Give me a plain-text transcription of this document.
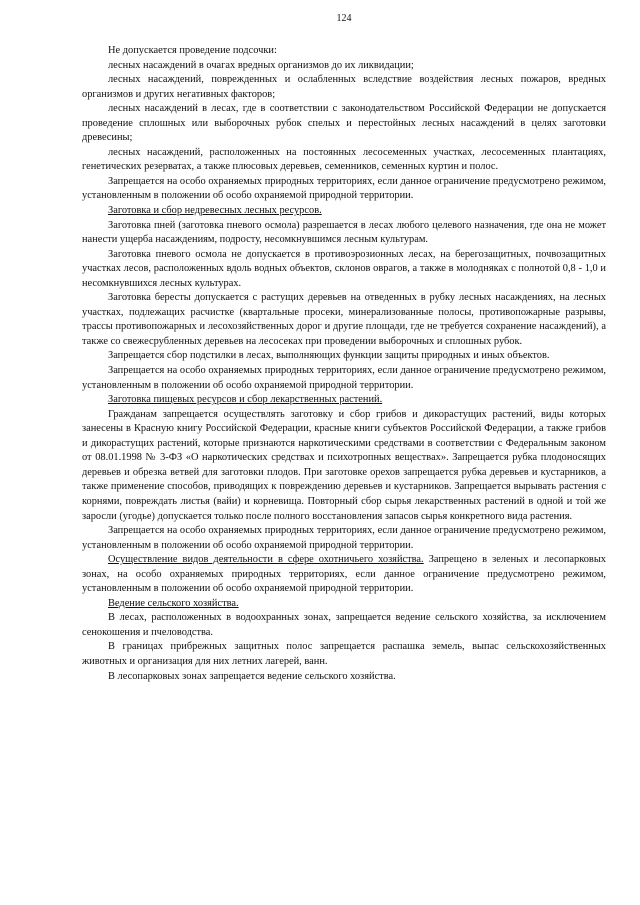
124

Не допускается проведение подсочки:

лесных насаждений в очагах вредных организмов до их ликвидации;

лесных насаждений, поврежденных и ослабленных вследствие воздействия лесных пожаров, вредных организмов и других негативных факторов;

лесных насаждений в лесах, где в соответствии с законодательством Российской Федерации не допускается проведение сплошных или выборочных рубок спелых и перестойных лесных насаждений в целях заготовки древесины;

лесных насаждений, расположенных на постоянных лесосеменных участках, лесосеменных плантациях, генетических резерватах, а также плюсовых деревьев, семенников, семенных куртин и полос.

Запрещается на особо охраняемых природных территориях, если данное ограничение предусмотрено режимом, установленным в положении об особо охраняемой природной территории.

Заготовка и сбор недревесных лесных ресурсов.

Заготовка пней (заготовка пневого осмола) разрешается в лесах любого целевого назначения, где она не может нанести ущерба насаждениям, подросту, несомкнувшимся лесным культурам.

Заготовка пневого осмола не допускается в противоэрозионных лесах, на берегозащитных, почвозащитных участках лесов, расположенных вдоль водных объектов, склонов оврагов, а также в молодняках с полнотой 0,8 - 1,0 и несомкнувшихся лесных культурах.

Заготовка бересты допускается с растущих деревьев на отведенных в рубку лесных насаждениях, на лесных участках, подлежащих расчистке (квартальные просеки, минерализованные полосы, противопожарные разрывы, трассы противопожарных и лесохозяйственных дорог и другие площади, где не требуется сохранение насаждений), а также со свежесрубленных деревьев на лесосеках при проведении выборочных и сплошных рубок.

Запрещается сбор подстилки в лесах, выполняющих функции защиты природных и иных объектов.

Запрещается на особо охраняемых природных территориях, если данное ограничение предусмотрено режимом, установленным в положении об особо охраняемой природной территории.

Заготовка пищевых ресурсов и сбор лекарственных растений.

Гражданам запрещается осуществлять заготовку и сбор грибов и дикорастущих растений, виды которых занесены в Красную книгу Российской Федерации, красные книги субъектов Российской Федерации, а также грибов и дикорастущих растений, которые признаются наркотическими средствами в соответствии с Федеральным законом от 08.01.1998 № 3-ФЗ «О наркотических средствах и психотропных веществах». Запрещается рубка плодоносящих деревьев и обрезка ветвей для заготовки плодов. При заготовке орехов запрещается рубка деревьев и кустарников, а также применение способов, приводящих к повреждению деревьев и кустарников. Запрещается вырывать растения с корнями, повреждать листья (вайи) и корневища. Повторный сбор сырья лекарственных растений в одной и той же заросли (угодье) допускается только после полного восстановления запасов сырья конкретного вида растения.

Запрещается на особо охраняемых природных территориях, если данное ограничение предусмотрено режимом, установленным в положении об особо охраняемой природной территории.

Осуществление видов деятельности в сфере охотничьего хозяйства. Запрещено в зеленых и лесопарковых зонах, на особо охраняемых природных территориях, если данное ограничение предусмотрено режимом, установленным в положении об особо охраняемой природной территории.

Ведение сельского хозяйства.

В лесах, расположенных в водоохранных зонах, запрещается ведение сельского хозяйства, за исключением сенокошения и пчеловодства.

В границах прибрежных защитных полос запрещается распашка земель, выпас сельскохозяйственных животных и организация для них летних лагерей, ванн.

В лесопарковых зонах запрещается ведение сельского хозяйства.
